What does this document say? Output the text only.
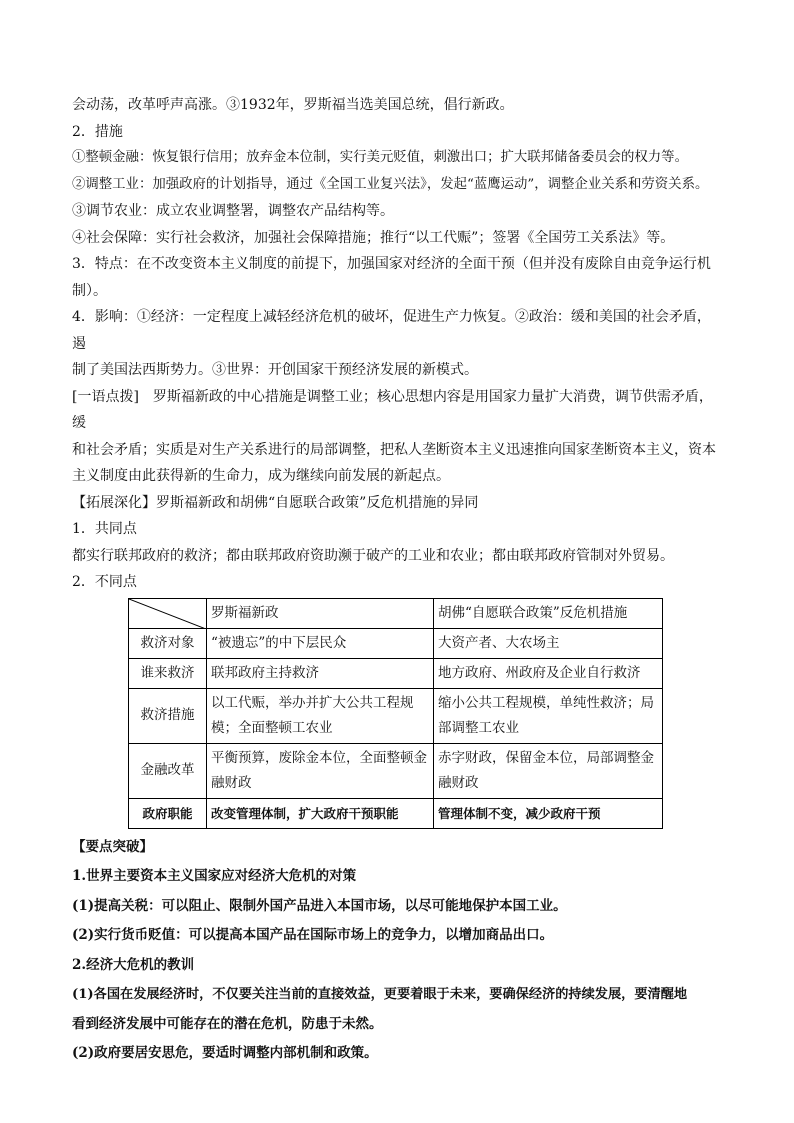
会动荡，改革呼声高涨。③1932年，罗斯福当选美国总统，倡行新政。

2．措施

①整顿金融：恢复银行信用；放弃金本位制，实行美元贬值，刺激出口；扩大联邦储备委员会的权力等。

②调整工业：加强政府的计划指导，通过《全国工业复兴法》，发起“蓝鹰运动”，调整企业关系和劳资关系。

③调节农业：成立农业调整署，调整农产品结构等。

④社会保障：实行社会救济，加强社会保障措施；推行“以工代赈”；签署《全国劳工关系法》等。

3．特点：在不改变资本主义制度的前提下，加强国家对经济的全面干预（但并没有废除自由竞争运行机

制）。

4．影响：①经济：一定程度上减轻经济危机的破坏，促进生产力恢复。②政治：缓和美国的社会矛盾，遏

制了美国法西斯势力。③世界：开创国家干预经济发展的新模式。

[一语点拨]　罗斯福新政的中心措施是调整工业；核心思想内容是用国家力量扩大消费，调节供需矛盾，缓

和社会矛盾；实质是对生产关系进行的局部调整，把私人垄断资本主义迅速推向国家垄断资本主义，资本

主义制度由此获得新的生命力，成为继续向前发展的新起点。

【拓展深化】罗斯福新政和胡佛“自愿联合政策”反危机措施的异同

1．共同点

都实行联邦政府的救济；都由联邦政府资助濒于破产的工业和农业；都由联邦政府管制对外贸易。

2．不同点

	罗斯福新政	胡佛“自愿联合政策”反危机措施
救济对象	“被遗忘”的中下层民众	大资产者、大农场主
谁来救济	联邦政府主持救济	地方政府、州政府及企业自行救济
救济措施	以工代赈，举办并扩大公共工程规模；全面整顿工农业	缩小公共工程规模，单纯性救济；局部调整工农业
金融改革	平衡预算，废除金本位，全面整顿金融财政	赤字财政，保留金本位，局部调整金融财政
政府职能	改变管理体制，扩大政府干预职能	管理体制不变，减少政府干预

【要点突破】

1.世界主要资本主义国家应对经济大危机的对策

(1)提高关税：可以阻止、限制外国产品进入本国市场，以尽可能地保护本国工业。

(2)实行货币贬值：可以提高本国产品在国际市场上的竞争力，以增加商品出口。

2.经济大危机的教训

(1)各国在发展经济时，不仅要关注当前的直接效益，更要着眼于未来，要确保经济的持续发展，要清醒地

看到经济发展中可能存在的潜在危机，防患于未然。

(2)政府要居安思危，要适时调整内部机制和政策。
